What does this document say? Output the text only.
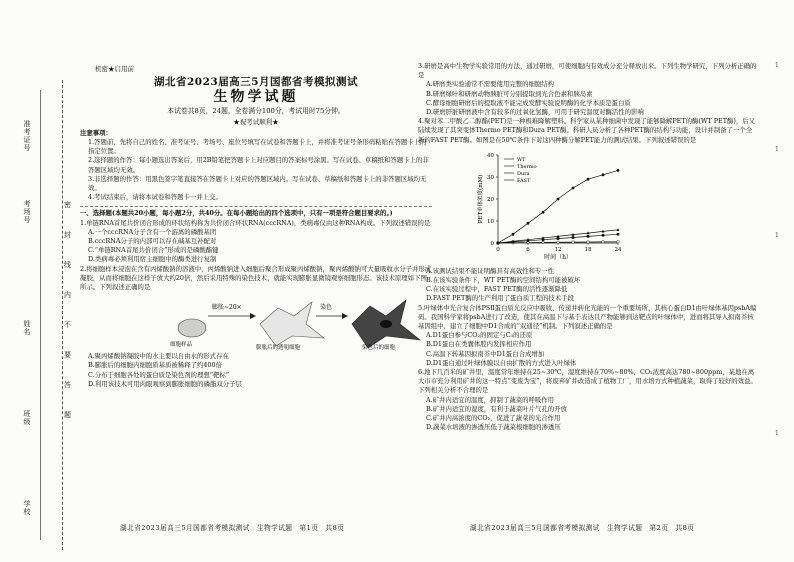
准考证号
考场号
姓名
班级
学校
密
封
线
内
不
要
答
题
机密★启用前
湖北省2023届高三5月国都省考模拟测试
生物学试题
本试卷共8页，24题，全卷满分100分，考试用时75分钟。
★祝考试顺利★
注意事项：

1.答题前，先将自己的姓名、准考证号、考场号、座位号填写在试卷和答题卡上，并将准考证号条形码粘贴在答题卡上的指定位置。

2.选择题的作答：每小题选出答案后，用2B铅笔把答题卡上对应题目的答案标号涂黑。写在试卷、草稿纸和答题卡上的非答题区域均无效。

3.非选择题的作答：用黑色签字笔直接答在答题卡上对应的答题区域内。写在试卷、草稿纸和答题卡上的非答题区域均无效。

4.考试结束后，请将本试卷和答题卡一并上交。

一、选择题(本题共20小题，每小题2分，共40分。在每小题给出的四个选项中，只有一项是符合题目要求的。)

1.单链RNA首尾共价闭合形成的环状结构称为共价闭合环状RNA(cccRNA)，类病毒仅由这种RNA构成。下列叙述错误的是

A.一个cccRNA分子含有一个游离的磷酸基团

B.cccRNA分子的内部可以存在碱基互补配对

C.“单链RNA首尾共价闭合”形成的是磷酸酯键

D.类病毒必须利用宿主细胞中的酶类进行复制

2.将细胞样本浸泡在含有丙烯酸钠的溶液中，丙烯酸钠进入细胞后聚合形成聚丙烯酸钠，聚丙烯酸钠可大量吸收水分子并形成凝胶，从而将细胞在这样子放大约20倍，然后采用特殊的染色技术，就能实现膨胀显微镜观察细胞形态。该技术原理如下图所示。下列叙述正确的是

膨胀~20×	染色
细胞样品	膨胀后的透明细胞	染色后的细胞

A.聚丙烯酸钠凝胶中的水主要以自由水的形式存在

B.膨胀后的细胞内细胞质基质被稀释了约400倍

C.分布于细胞各处的蛋白质是染色剂的理想“靶标”

D.利用该技术可用肉眼观察到膨胀细胞的磷脂双分子层

湖北省2023届高三5月国都省考模拟测试　生物学试题　第1页　共8页

3.研磨是高中生物学实验常用的方法，通过研磨，可使细胞内有效成分充分释放出来。下列生物学研究，下列分析正确的是

A.研磨类实验通常不需要使用完整的细胞结构

B.研磨绿叶和研磨动物胰脏可分别提取到光合色素和胰岛素

C.酵母细胞研磨后的提取液不能完成发酵实验说明酶的化学本质是蛋白质

D.研磨肝脏研磨液中含有较多的过氧化氢酶，可用于研究温度对酶活性的影响

4.聚对苯二甲酸乙二醇酯(PET)是一种极难降解塑料。科学家从某种细菌中发现了能够降解PET的酶(WT PET酶)，后又陆续发现了其突变体Thermo PET酶和Dura PET酶。科研人员分析了各种PET酶的结构与功能，设计并制备了一个全新的FAST PET酶。如图是在50℃条件下对这四种酶分解PET能力的测试结果。下列叙述错误的是

0
10
20
30
40
0	6	12	18	24
时间（h）
PET单体浓度(mM)
WT
Thermo
Dura
FAST

A.该测试结果不能证明酶具有高效性和专一性

B.在该实验条件下，WT PET酶的空间结构可能被破坏

C.在该实验过程中，FAST PET酶的活性逐渐降低

D.FAST PET酶的生产利用了蛋白质工程的技术手段

5.叶绿体中光合复合体PSⅡ蛋白质光反应中吸收、传递并转化光能的一个重要场所，其核心蛋白D1由叶绿体基因psbA编码。我国科学家将psbA进行了改造，使其在高温下与基于表达且产物能够到达靶点的叶绿体中，进而将其导入拟南芥核基因组中，建立了细胞中D1合成的“双通径”机制。下列叙述正确的是

A.D1蛋白参与CO₂的固定与C₃的还原

B.D1蛋白在类囊体腔内发挥相应作用

C.高温下转基因拟南芥中D1蛋白合成增加

D.D1蛋白通过叶绿体膜以自由扩散的方式进入叶绿体

6.地下几百米的矿井里，温度常年维持在25~30℃，湿度维持在70%~80%，CO₂浓度高达780~800ppm，某地在离大市市充分利用矿井的这一特点“变废为宝”，将废弃矿井改造成了植物工厂，用水培方式种植蔬菜，取得了较好的效益。下列相关分析不合理的是

A.矿井内适宜的温度，抑制了蔬菜的呼吸作用

B.矿井内适宜的湿度，有利于蔬菜叶片气孔的开放

C.矿井内高浓度的CO₂，促进了蔬菜的光合作用

D.蔬菜水培液的渗透压低于蔬菜根细胞的渗透压

湖北省2023届高三5月国都省考模拟测试　生物学试题　第2页　共8页
1
1
1
1
